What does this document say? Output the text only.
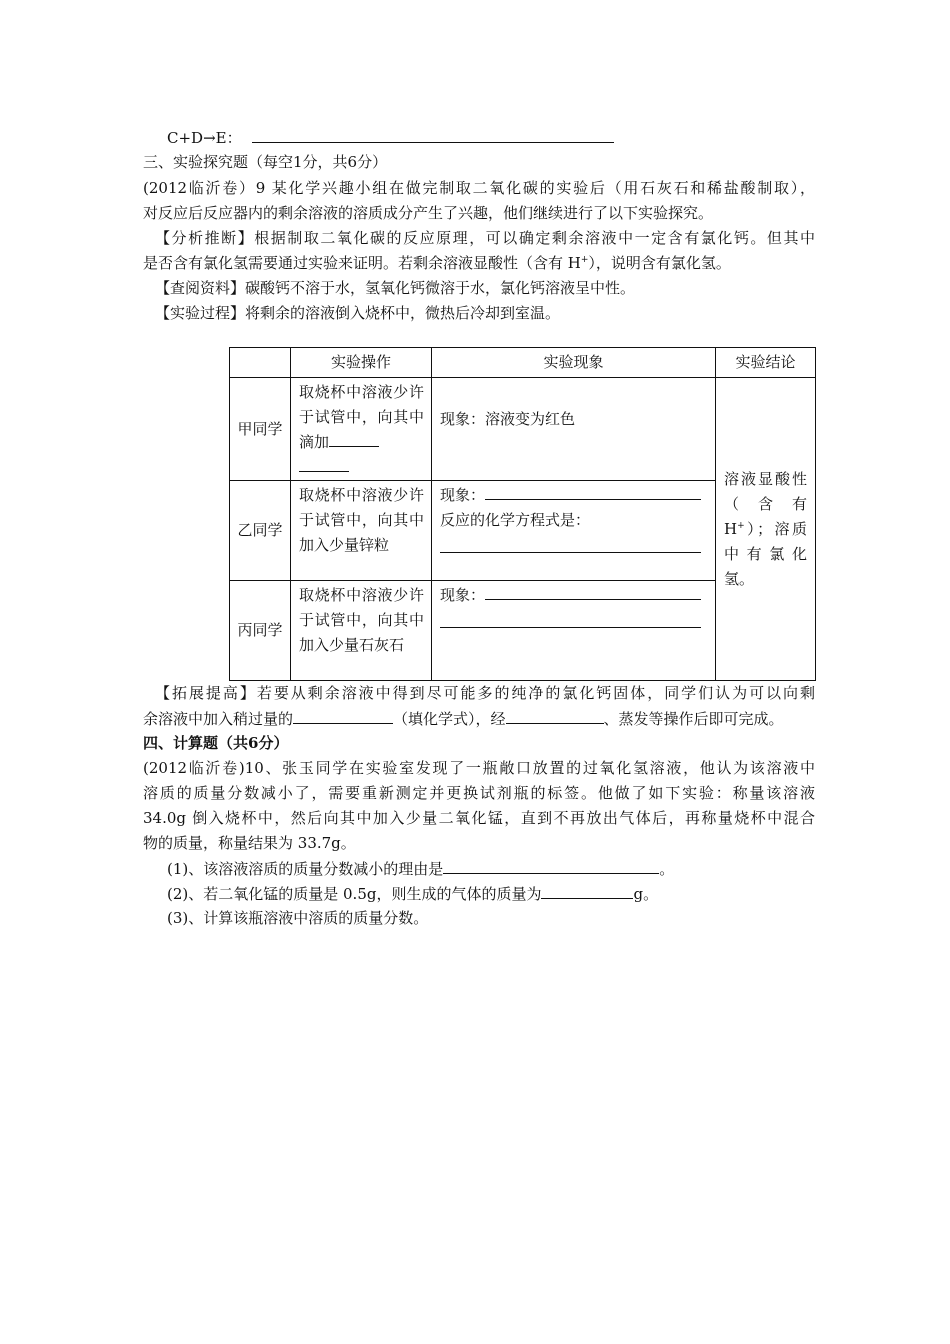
C+D→E：
三、实验探究题（每空1分，共6分）
(2012临沂卷）9 某化学兴趣小组在做完制取二氧化碳的实验后（用石灰石和稀盐酸制取），
对反应后反应器内的剩余溶液的溶质成分产生了兴趣，他们继续进行了以下实验探究。
【分析推断】根据制取二氧化碳的反应原理，可以确定剩余溶液中一定含有氯化钙。但其中
是否含有氯化氢需要通过实验来证明。若剩余溶液显酸性（含有 H+），说明含有氯化氢。
【查阅资料】碳酸钙不溶于水，氢氧化钙微溶于水，氯化钙溶液呈中性。
【实验过程】将剩余的溶液倒入烧杯中，微热后冷却到室温。
	实验操作	实验现象	实验结论
甲同学	取烧杯中溶液少许于试管中，向其中滴加	现象：溶液变为红色	溶液显酸性（含有H+）；溶质中有氯化氢。
乙同学	取烧杯中溶液少许于试管中，向其中加入少量锌粒	现象：
反应的化学方程式是：	

丙同学	取烧杯中溶液少许于试管中，向其中加入少量石灰石	现象：	
【拓展提高】若要从剩余溶液中得到尽可能多的纯净的氯化钙固体，同学们认为可以向剩
余溶液中加入稍过量的	（填化学式），经	、蒸发等操作后即可完成。
四、计算题（共6分）
(2012临沂卷)10、张玉同学在实验室发现了一瓶敞口放置的过氧化氢溶液，他认为该溶液中
溶质的质量分数减小了，需要重新测定并更换试剂瓶的标签。他做了如下实验：称量该溶液
34.0g 倒入烧杯中，然后向其中加入少量二氧化锰，直到不再放出气体后，再称量烧杯中混合
物的质量，称量结果为 33.7g。
(1)、该溶液溶质的质量分数减小的理由是	。
(2)、若二氧化锰的质量是 0.5g，则生成的气体的质量为	g。
(3)、计算该瓶溶液中溶质的质量分数。
